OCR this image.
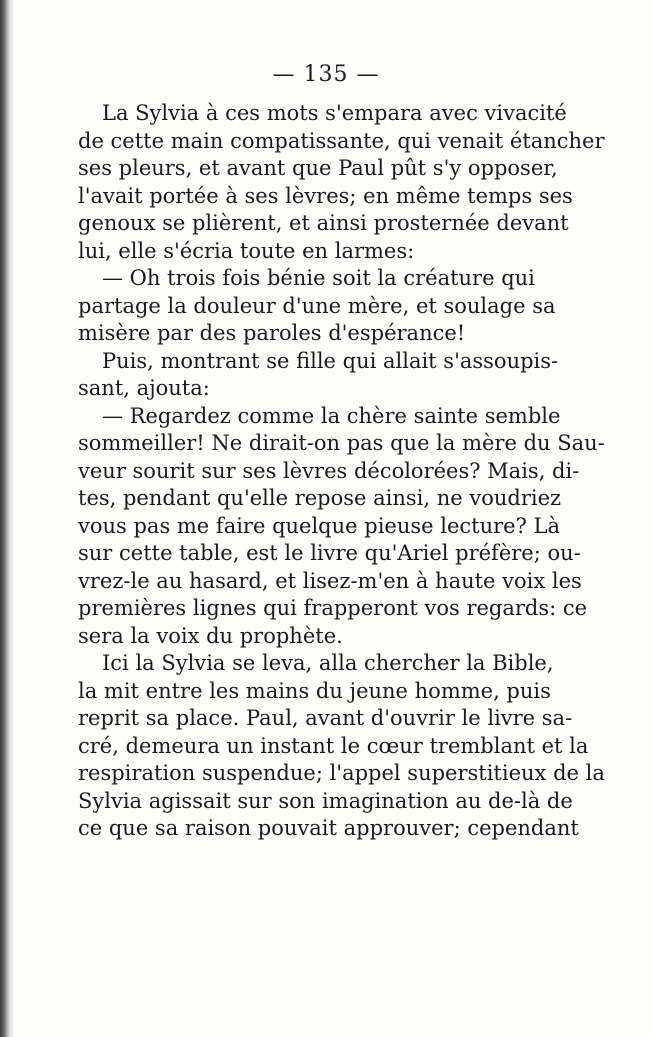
— 135 —
La Sylvia à ces mots s'empara avec vivacité
de cette main compatissante, qui venait étancher
ses pleurs, et avant que Paul pût s'y opposer,
l'avait portée à ses lèvres; en même temps ses
genoux se plièrent, et ainsi prosternée devant
lui, elle s'écria toute en larmes:
— Oh trois fois bénie soit la créature qui
partage la douleur d'une mère, et soulage sa
misère par des paroles d'espérance!
Puis, montrant se fille qui allait s'assoupis-
sant, ajouta:
— Regardez comme la chère sainte semble
sommeiller! Ne dirait-on pas que la mère du Sau-
veur sourit sur ses lèvres décolorées? Mais, di-
tes, pendant qu'elle repose ainsi, ne voudriez
vous pas me faire quelque pieuse lecture? Là
sur cette table, est le livre qu'Ariel préfère; ou-
vrez-le au hasard, et lisez-m'en à haute voix les
premières lignes qui frapperont vos regards: ce
sera la voix du prophète.
Ici la Sylvia se leva, alla chercher la Bible,
la mit entre les mains du jeune homme, puis
reprit sa place. Paul, avant d'ouvrir le livre sa-
cré, demeura un instant le cœur tremblant et la
respiration suspendue; l'appel superstitieux de la
Sylvia agissait sur son imagination au de-là de
ce que sa raison pouvait approuver; cependant
